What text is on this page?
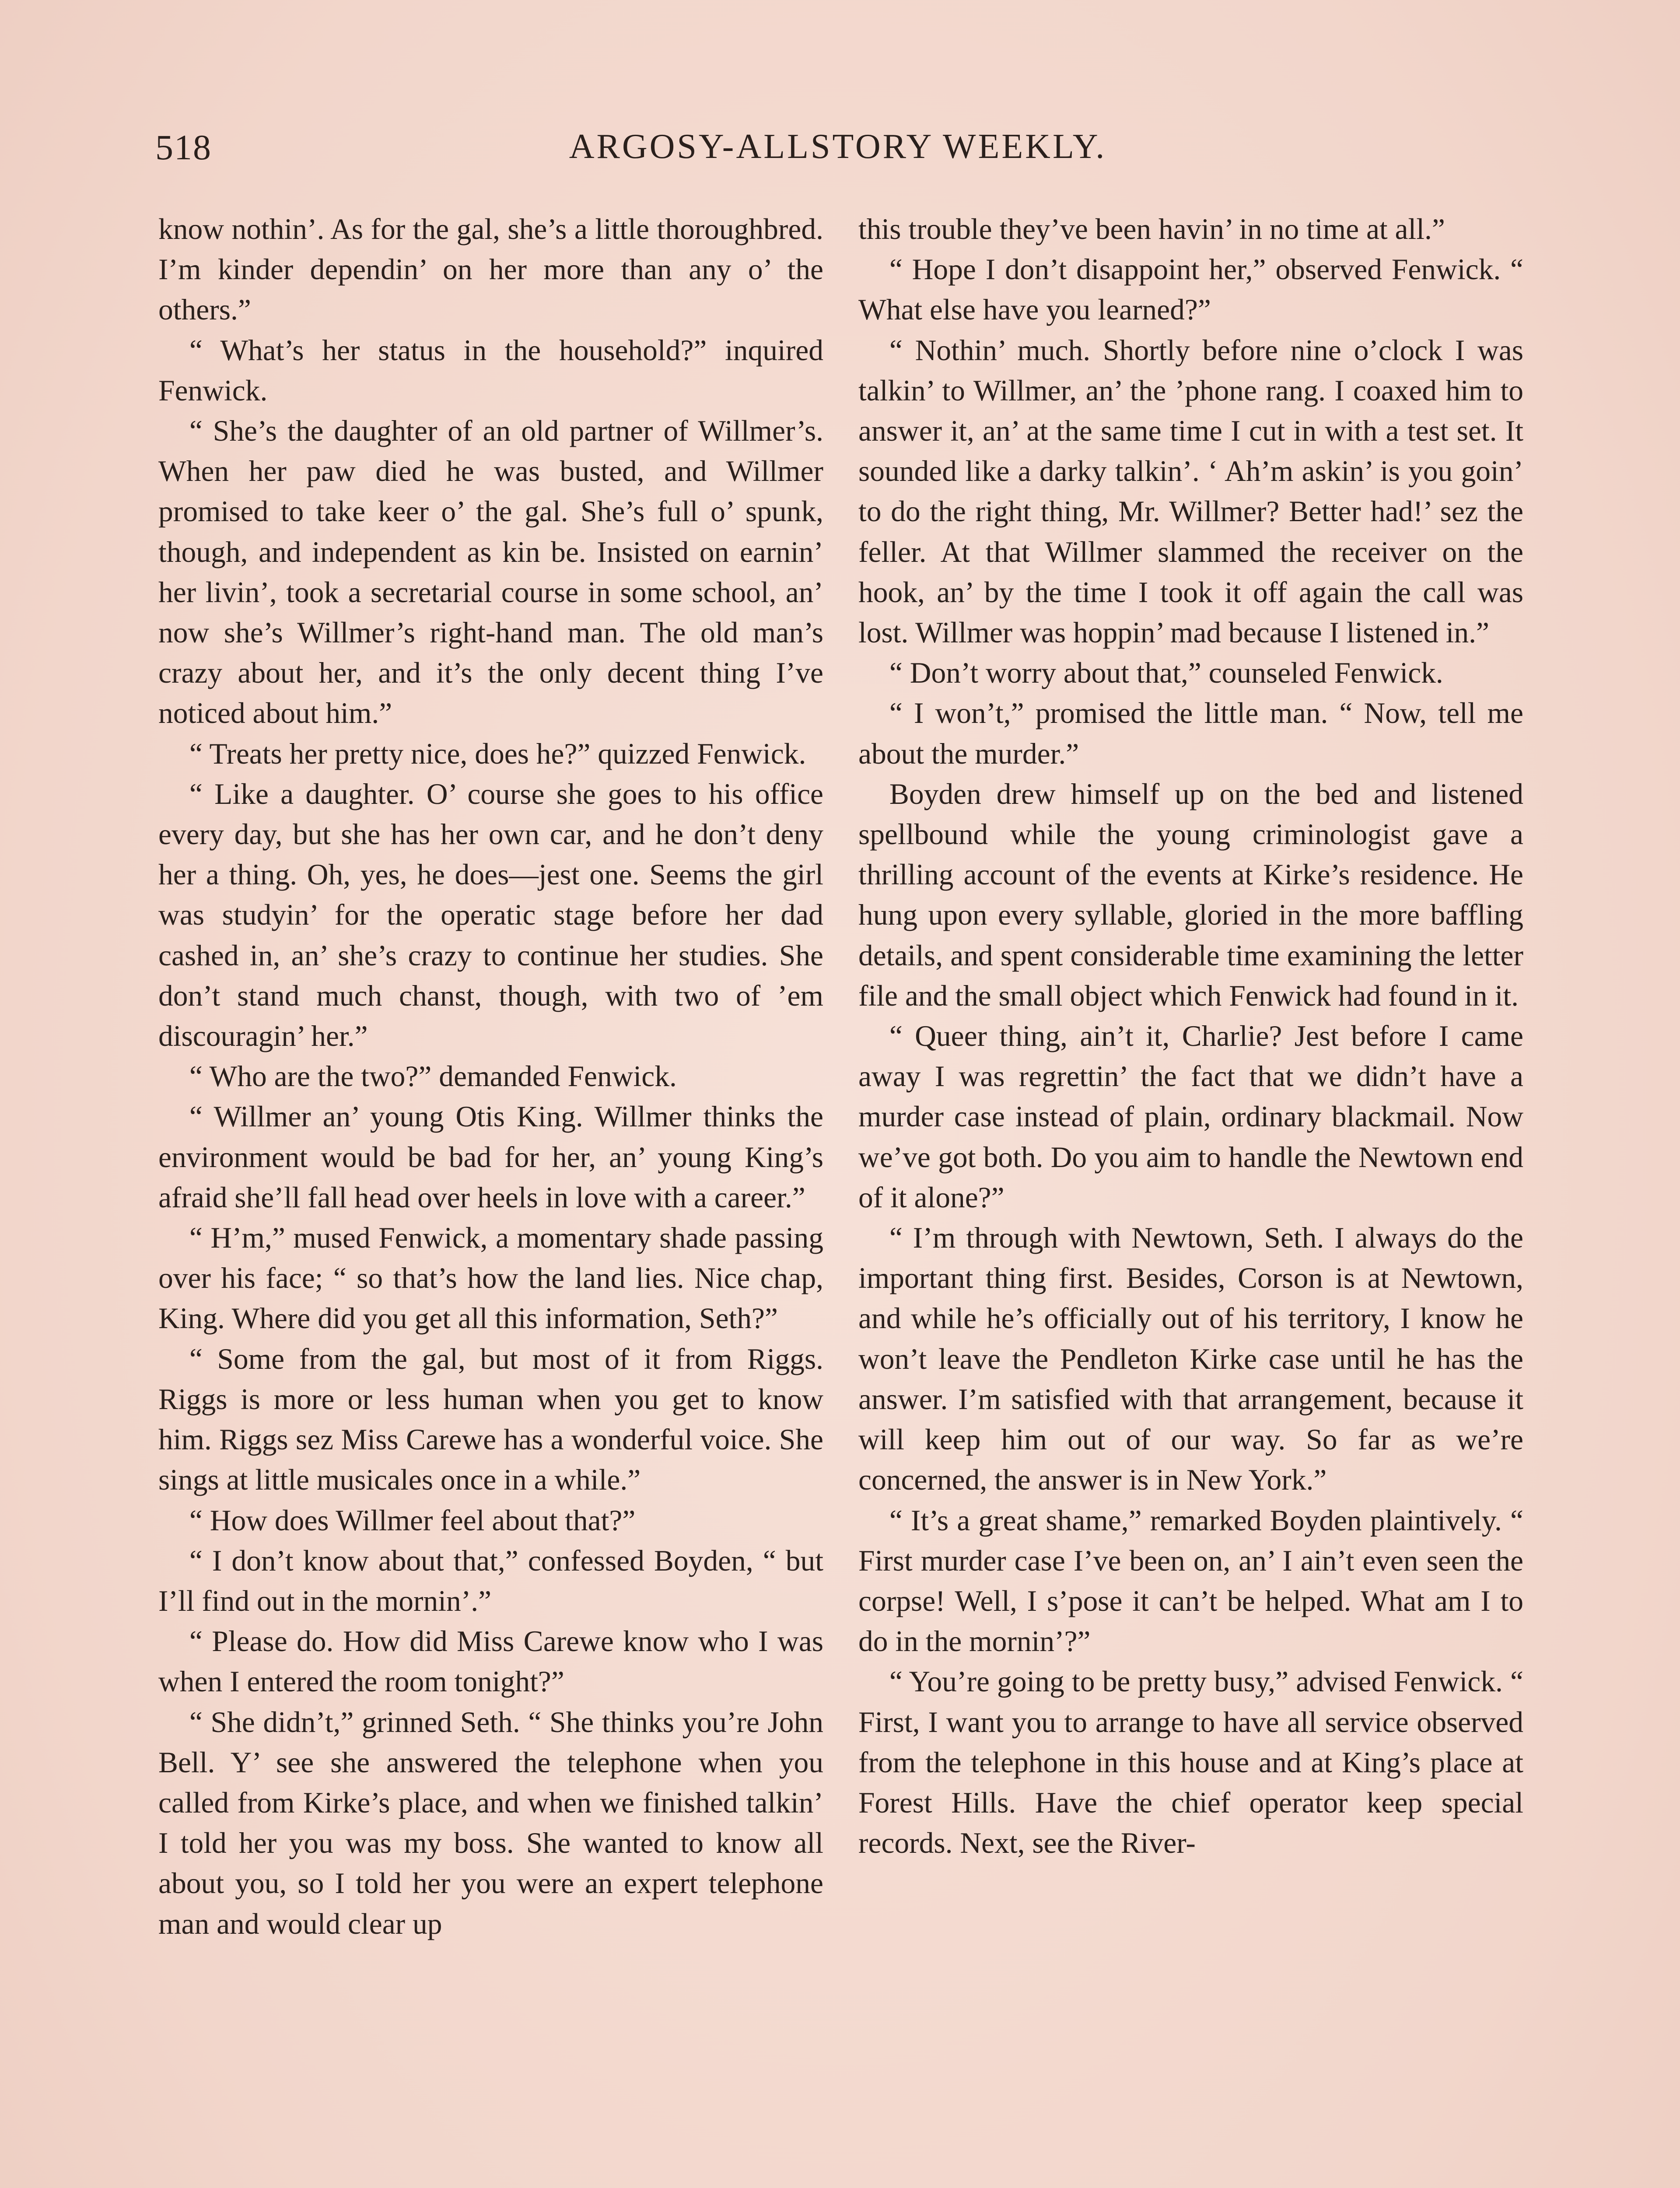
518	ARGOSY-ALLSTORY WEEKLY.

know nothin’. As for the gal, she’s a little thoroughbred. I’m kinder dependin’ on her more than any o’ the others.”

“ What’s her status in the household?” inquired Fenwick.

“ She’s the daughter of an old partner of Willmer’s. When her paw died he was busted, and Willmer promised to take keer o’ the gal. She’s full o’ spunk, though, and independent as kin be. Insisted on earnin’ her livin’, took a secretarial course in some school, an’ now she’s Willmer’s right-hand man. The old man’s crazy about her, and it’s the only decent thing I’ve noticed about him.”

“ Treats her pretty nice, does he?” quizzed Fenwick.

“ Like a daughter. O’ course she goes to his office every day, but she has her own car, and he don’t deny her a thing. Oh, yes, he does—jest one. Seems the girl was studyin’ for the operatic stage before her dad cashed in, an’ she’s crazy to continue her studies. She don’t stand much chanst, though, with two of ’em discouragin’ her.”

“ Who are the two?” demanded Fenwick.

“ Willmer an’ young Otis King. Willmer thinks the environment would be bad for her, an’ young King’s afraid she’ll fall head over heels in love with a career.”

“ H’m,” mused Fenwick, a momentary shade passing over his face; “ so that’s how the land lies. Nice chap, King. Where did you get all this information, Seth?”

“ Some from the gal, but most of it from Riggs. Riggs is more or less human when you get to know him. Riggs sez Miss Carewe has a wonderful voice. She sings at little musicales once in a while.”

“ How does Willmer feel about that?”

“ I don’t know about that,” confessed Boyden, “ but I’ll find out in the mornin’.”

“ Please do. How did Miss Carewe know who I was when I entered the room tonight?”

“ She didn’t,” grinned Seth. “ She thinks you’re John Bell. Y’ see she answered the telephone when you called from Kirke’s place, and when we finished talkin’ I told her you was my boss. She wanted to know all about you, so I told her you were an expert telephone man and would clear up

this trouble they’ve been havin’ in no time at all.”

“ Hope I don’t disappoint her,” observed Fenwick. “ What else have you learned?”

“ Nothin’ much. Shortly before nine o’clock I was talkin’ to Willmer, an’ the ’phone rang. I coaxed him to answer it, an’ at the same time I cut in with a test set. It sounded like a darky talkin’. ‘ Ah’m askin’ is you goin’ to do the right thing, Mr. Willmer? Better had!’ sez the feller. At that Willmer slammed the receiver on the hook, an’ by the time I took it off again the call was lost. Willmer was hoppin’ mad because I listened in.”

“ Don’t worry about that,” counseled Fenwick.

“ I won’t,” promised the little man. “ Now, tell me about the murder.”

Boyden drew himself up on the bed and listened spellbound while the young criminologist gave a thrilling account of the events at Kirke’s residence. He hung upon every syllable, gloried in the more baffling details, and spent considerable time examining the letter file and the small object which Fenwick had found in it.

“ Queer thing, ain’t it, Charlie? Jest before I came away I was regrettin’ the fact that we didn’t have a murder case instead of plain, ordinary blackmail. Now we’ve got both. Do you aim to handle the Newtown end of it alone?”

“ I’m through with Newtown, Seth. I always do the important thing first. Besides, Corson is at Newtown, and while he’s officially out of his territory, I know he won’t leave the Pendleton Kirke case until he has the answer. I’m satisfied with that arrangement, because it will keep him out of our way. So far as we’re concerned, the answer is in New York.”

“ It’s a great shame,” remarked Boyden plaintively. “ First murder case I’ve been on, an’ I ain’t even seen the corpse! Well, I s’pose it can’t be helped. What am I to do in the mornin’?”

“ You’re going to be pretty busy,” advised Fenwick. “ First, I want you to arrange to have all service observed from the telephone in this house and at King’s place at Forest Hills. Have the chief operator keep special records. Next, see the River-
